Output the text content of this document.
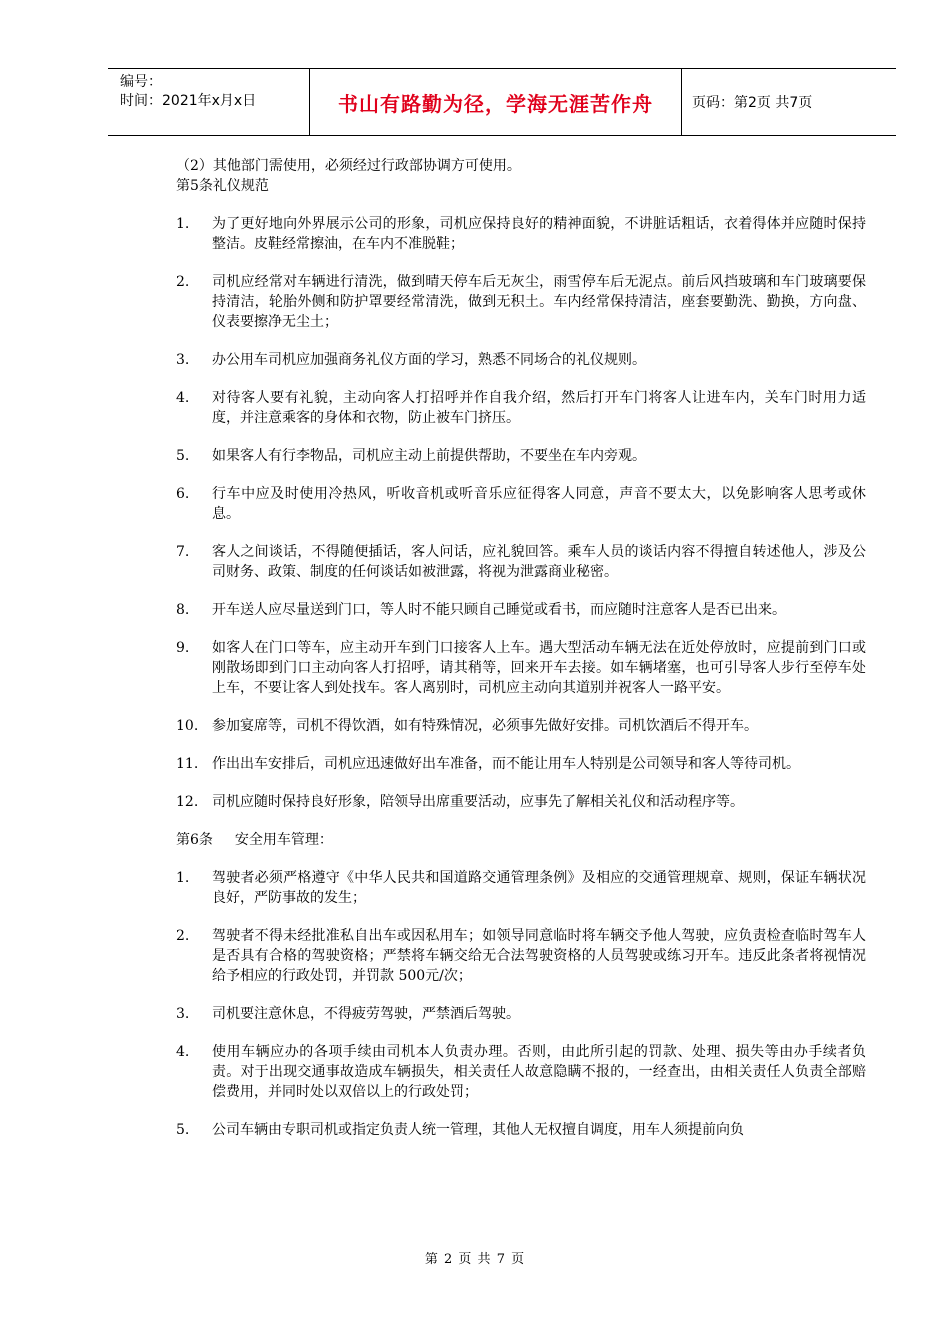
编号：
时间：2021年x月x日	书山有路勤为径，学海无涯苦作舟	页码：第2页 共7页

（2）其他部门需使用，必须经过行政部协调方可使用。

第5条礼仪规范
1.	为了更好地向外界展示公司的形象，司机应保持良好的精神面貌，不讲脏话粗话，衣着得体并应随时保持整洁。皮鞋经常擦油，在车内不准脱鞋；
2.	司机应经常对车辆进行清洗，做到晴天停车后无灰尘，雨雪停车后无泥点。前后风挡玻璃和车门玻璃要保持清洁，轮胎外侧和防护罩要经常清洗，做到无积土。车内经常保持清洁，座套要勤洗、勤换，方向盘、仪表要擦净无尘土；
3.	办公用车司机应加强商务礼仪方面的学习，熟悉不同场合的礼仪规则。
4.	对待客人要有礼貌，主动向客人打招呼并作自我介绍，然后打开车门将客人让进车内，关车门时用力适度，并注意乘客的身体和衣物，防止被车门挤压。
5.	如果客人有行李物品，司机应主动上前提供帮助，不要坐在车内旁观。
6.	行车中应及时使用冷热风，听收音机或听音乐应征得客人同意，声音不要太大，以免影响客人思考或休息。
7.	客人之间谈话，不得随便插话，客人问话，应礼貌回答。乘车人员的谈话内容不得擅自转述他人，涉及公司财务、政策、制度的任何谈话如被泄露，将视为泄露商业秘密。
8.	开车送人应尽量送到门口，等人时不能只顾自己睡觉或看书，而应随时注意客人是否已出来。
9.	如客人在门口等车，应主动开车到门口接客人上车。遇大型活动车辆无法在近处停放时，应提前到门口或刚散场即到门口主动向客人打招呼，请其稍等，回来开车去接。如车辆堵塞，也可引导客人步行至停车处上车，不要让客人到处找车。客人离别时，司机应主动向其道别并祝客人一路平安。
10. 参加宴席等，司机不得饮酒，如有特殊情况，必须事先做好安排。司机饮酒后不得开车。
11. 作出出车安排后，司机应迅速做好出车准备，而不能让用车人特别是公司领导和客人等待司机。
12. 司机应随时保持良好形象，陪领导出席重要活动，应事先了解相关礼仪和活动程序等。
第6条 安全用车管理：
1.	驾驶者必须严格遵守《中华人民共和国道路交通管理条例》及相应的交通管理规章、规则，保证车辆状况良好，严防事故的发生；
2.	驾驶者不得未经批准私自出车或因私用车；如领导同意临时将车辆交予他人驾驶，应负责检查临时驾车人是否具有合格的驾驶资格；严禁将车辆交给无合法驾驶资格的人员驾驶或练习开车。违反此条者将视情况给予相应的行政处罚，并罚款 500元/次；
3.	司机要注意休息，不得疲劳驾驶，严禁酒后驾驶。
4.	使用车辆应办的各项手续由司机本人负责办理。否则，由此所引起的罚款、处理、损失等由办手续者负责。对于出现交通事故造成车辆损失，相关责任人故意隐瞒不报的，一经查出，由相关责任人负责全部赔偿费用，并同时处以双倍以上的行政处罚；
5.	公司车辆由专职司机或指定负责人统一管理，其他人无权擅自调度，用车人须提前向负
第 2 页 共 7 页
